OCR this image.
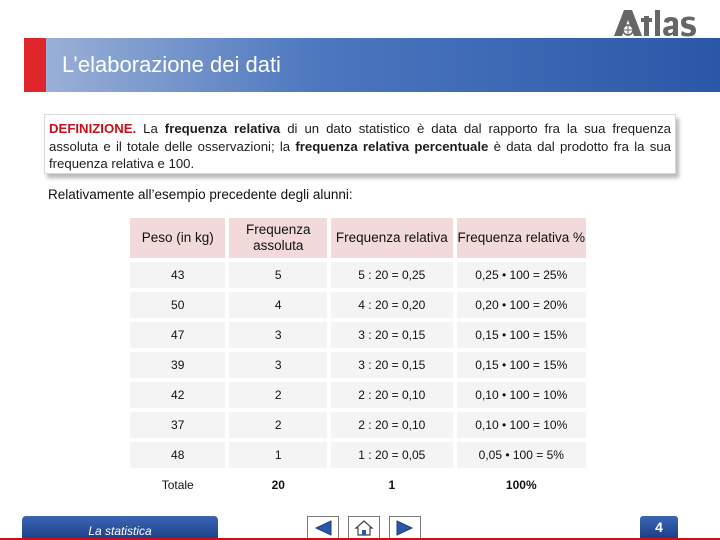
L’elaborazione dei dati
DEFINIZIONE. La frequenza relativa di un dato statistico è data dal rapporto fra la sua frequenza assoluta e il totale delle osservazioni; la frequenza relativa percentuale è data dal prodotto fra la sua frequenza relativa e 100.
Relativamente all’esempio precedente degli alunni:
Peso (in kg)	Frequenza assoluta	Frequenza relativa	Frequenza relativa %
43	5	5 : 20 = 0,25	0,25 • 100 = 25%
50	4	4 : 20 = 0,20	0,20 • 100 = 20%
47	3	3 : 20 = 0,15	0,15 • 100 = 15%
39	3	3 : 20 = 0,15	0,15 • 100 = 15%
42	2	2 : 20 = 0,10	0,10 • 100 = 10%
37	2	2 : 20 = 0,10	0,10 • 100 = 10%
48	1	1 : 20 = 0,05	0,05 • 100 = 5%
Totale	20	1	100%
La statistica	4
